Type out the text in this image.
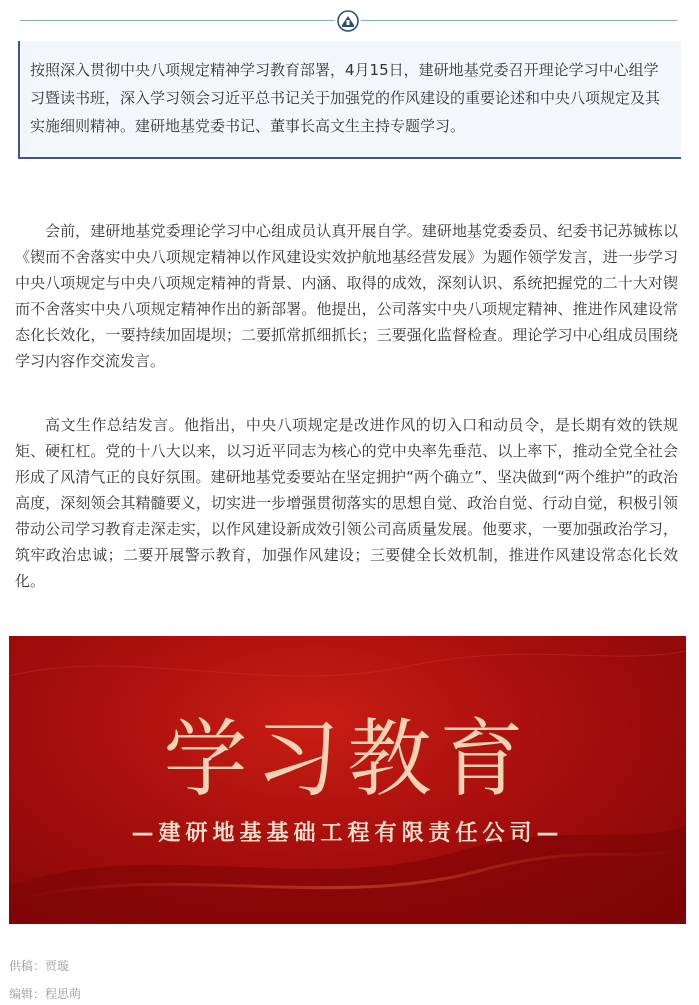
按照深入贯彻中央八项规定精神学习教育部署，4月15日，建研地基党委召开理论学习中心组学习暨读书班，深入学习领会习近平总书记关于加强党的作风建设的重要论述和中央八项规定及其实施细则精神。建研地基党委书记、董事长高文生主持专题学习。

会前，建研地基党委理论学习中心组成员认真开展自学。建研地基党委委员、纪委书记苏铖栋以《锲而不舍落实中央八项规定精神以作风建设实效护航地基经营发展》为题作领学发言，进一步学习中央八项规定与中央八项规定精神的背景、内涵、取得的成效，深刻认识、系统把握党的二十大对锲而不舍落实中央八项规定精神作出的新部署。他提出，公司落实中央八项规定精神、推进作风建设常态化长效化，一要持续加固堤坝；二要抓常抓细抓长；三要强化监督检查。理论学习中心组成员围绕学习内容作交流发言。

高文生作总结发言。他指出，中央八项规定是改进作风的切入口和动员令，是长期有效的铁规矩、硬杠杠。党的十八大以来，以习近平同志为核心的党中央率先垂范、以上率下，推动全党全社会形成了风清气正的良好氛围。建研地基党委要站在坚定拥护“两个确立”、坚决做到“两个维护”的政治高度，深刻领会其精髓要义，切实进一步增强贯彻落实的思想自觉、政治自觉、行动自觉，积极引领带动公司学习教育走深走实，以作风建设新成效引领公司高质量发展。他要求，一要加强政治学习，筑牢政治忠诚；二要开展警示教育，加强作风建设；三要健全长效机制，推进作风建设常态化长效化。

学习教育
—建研地基基础工程有限责任公司—
供稿：贾璇
编辑：程思萌
